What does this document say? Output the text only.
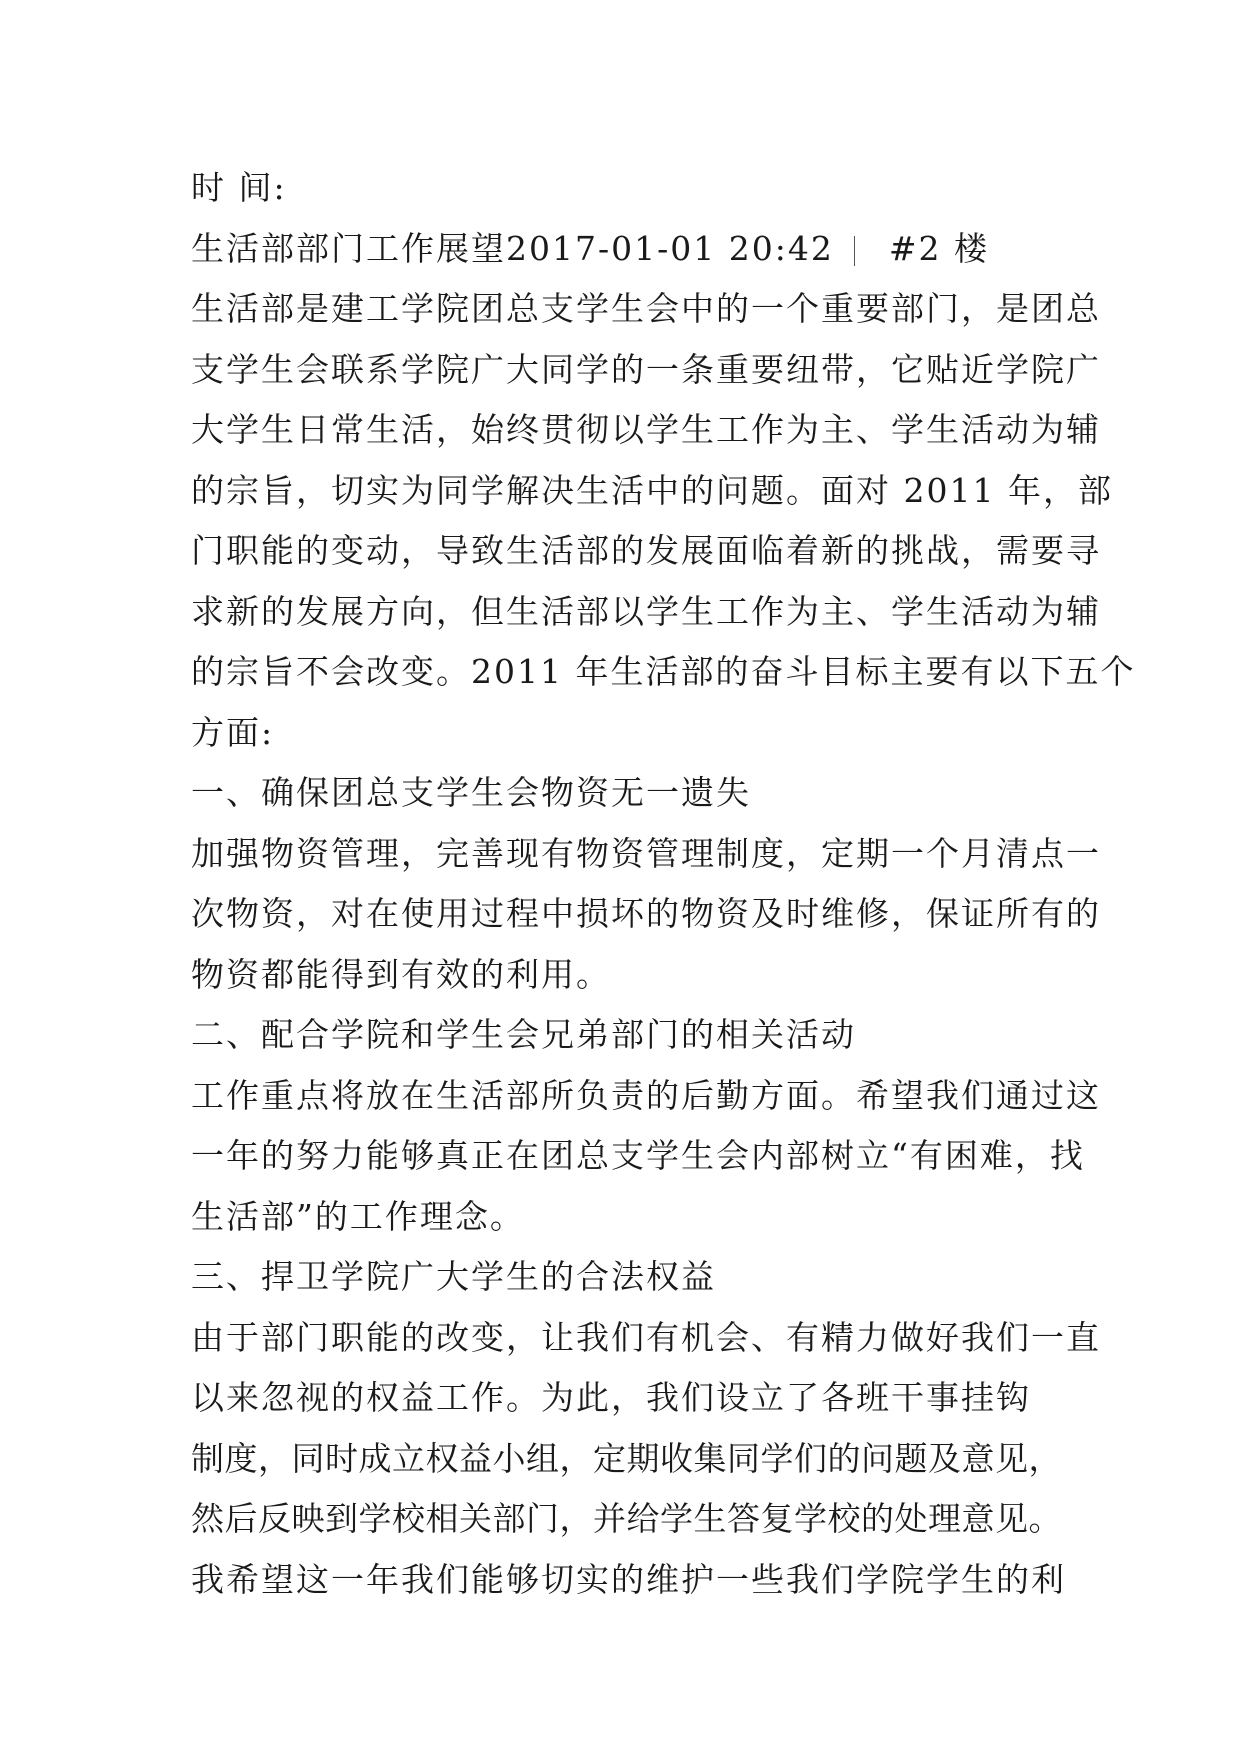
时 间:
生活部部门工作展望2017-01-01 20:42 #2 楼
生活部是建工学院团总支学生会中的一个重要部门，是团总
支学生会联系学院广大同学的一条重要纽带，它贴近学院广
大学生日常生活，始终贯彻以学生工作为主、学生活动为辅
的宗旨，切实为同学解决生活中的问题。面对 2011 年，部
门职能的变动，导致生活部的发展面临着新的挑战，需要寻
求新的发展方向，但生活部以学生工作为主、学生活动为辅
的宗旨不会改变。2011 年生活部的奋斗目标主要有以下五个
方面:
一、确保团总支学生会物资无一遗失
加强物资管理，完善现有物资管理制度，定期一个月清点一
次物资，对在使用过程中损坏的物资及时维修，保证所有的
物资都能得到有效的利用。
二、配合学院和学生会兄弟部门的相关活动
工作重点将放在生活部所负责的后勤方面。希望我们通过这
一年的努力能够真正在团总支学生会内部树立“有困难，找
生活部”的工作理念。
三、捍卫学院广大学生的合法权益
由于部门职能的改变，让我们有机会、有精力做好我们一直
以来忽视的权益工作。为此，我们设立了各班干事挂钩
制度，同时成立权益小组，定期收集同学们的问题及意见，
然后反映到学校相关部门，并给学生答复学校的处理意见。
我希望这一年我们能够切实的维护一些我们学院学生的利
